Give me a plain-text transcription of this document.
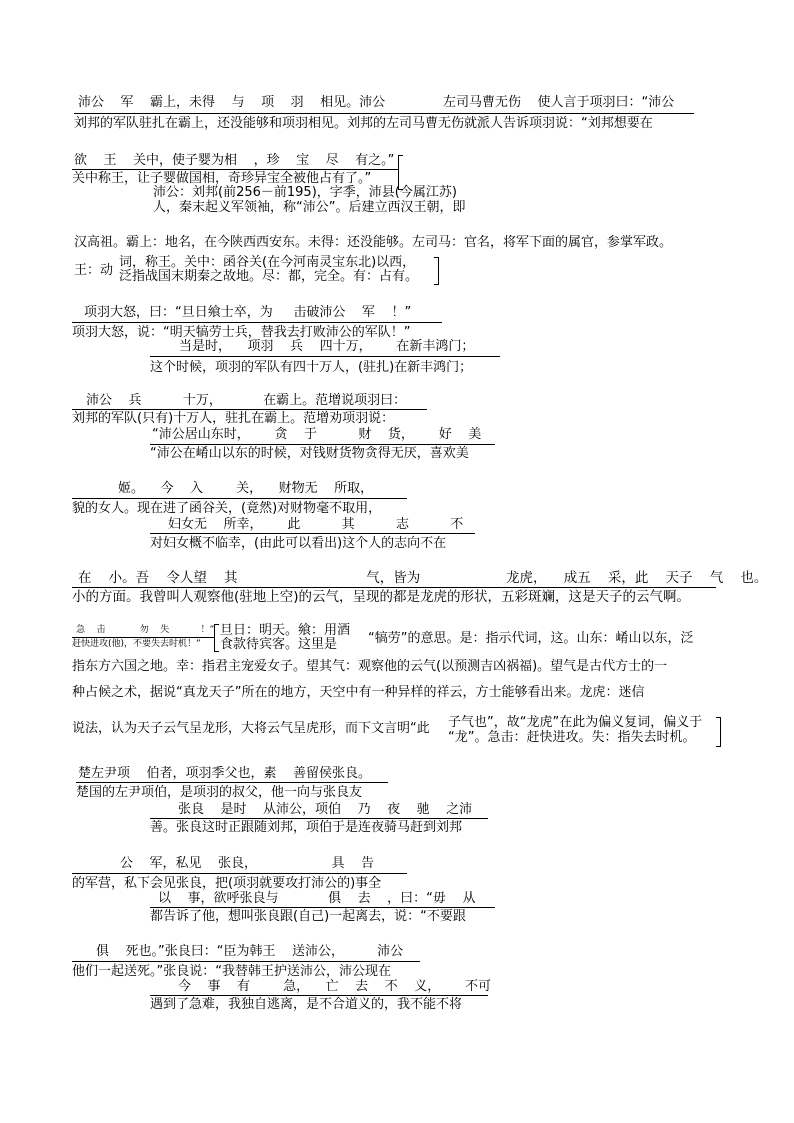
沛公    军    霸上，未得    与    项    羽    相见。沛公              左司马曹无伤    使人言于项羽曰：“沛公
刘邦的军队驻扎在霸上，还没能够和项羽相见。刘邦的左司马曹无伤就派人告诉项羽说：“刘邦想要在
欲    王    关中，使子婴为相    ，珍    宝    尽    有之。”
关中称王，让子婴做国相，奇珍异宝全被他占有了。”
沛公：刘邦(前256－前195)，字季，沛县(今属江苏)
人，秦末起义军领袖，称“沛公”。后建立西汉王朝，即
汉高祖。霸上：地名，在今陕西西安东。未得：还没能够。左司马：官名，将军下面的属官，参掌军政。
王：动
词，称王。关中：函谷关(在今河南灵宝东北)以西，
泛指战国末期秦之故地。尽：都，完全。有：占有。
项羽大怒，曰：“旦日飨士卒，为     击破沛公    军    ！”
项羽大怒，说：“明天犒劳士兵，替我去打败沛公的军队！”
当是时，    项羽    兵    四十万，      在新丰鸿门；
这个时候，项羽的军队有四十万人，(驻扎)在新丰鸿门；
沛公    兵          十万，          在霸上。范增说项羽曰：
刘邦的军队(只有)十万人，驻扎在霸上。范增劝项羽说：
“沛公居山东时，      贪    于          财    货，      好    美
“沛公在崤山以东的时候，对钱财货物贪得无厌，喜欢美
姬。    今    入        关，    财物无    所取，
貌的女人。现在进了函谷关，(竟然)对财物毫不取用，
妇女无    所幸，      此          其          志          不
对妇女概不临幸，(由此可以看出)这个人的志向不在
在    小。吾    令人望    其                              气，皆为                    龙虎，    成五    采，此    天子    气    也。
小的方面。我曾叫人观察他(驻地上空)的云气，呈现的都是龙虎的形状，五彩斑斓，这是天子的云气啊。
急    击            勿    失           ！”
赶快进攻(他)，不要失去时机！”
旦日：明天。飨：用酒
食款待宾客。这里是 “犒劳”的意思。是：指示代词，这。山东：崤山以东，泛
指东方六国之地。幸：指君主宠爱女子。望其气：观察他的云气(以预测吉凶祸福)。望气是古代方士的一
种占候之术，据说“真龙天子”所在的地方，天空中有一种异样的祥云，方士能够看出来。龙虎：迷信
说法，认为天子云气呈龙形，大将云气呈虎形，而下文言明“此 子气也”，故“龙虎”在此为偏义复词，偏义于
“龙”。急击：赶快进攻。失：指失去时机。
楚左尹项    伯者，项羽季父也，素    善留侯张良。
楚国的左尹项伯，是项羽的叔父，他一向与张良友
张良    是时    从沛公，项伯    乃    夜    驰    之沛
善。张良这时正跟随刘邦，项伯于是连夜骑马赶到刘邦
公    军，私见    张良，                  具    告
的军营，私下会见张良，把(项羽就要攻打沛公的)事全
以    事，欲呼张良与            俱    去    ，曰：“毋    从
都告诉了他，想叫张良跟(自己)一起离去，说：“不要跟
俱    死也。”张良曰：“臣为韩王    送沛公，        沛公
他们一起送死。”张良说：“我替韩王护送沛公，沛公现在
今    事    有        急，    亡    去    不    义，      不可
遇到了急难，我独自逃离，是不合道义的，我不能不将
